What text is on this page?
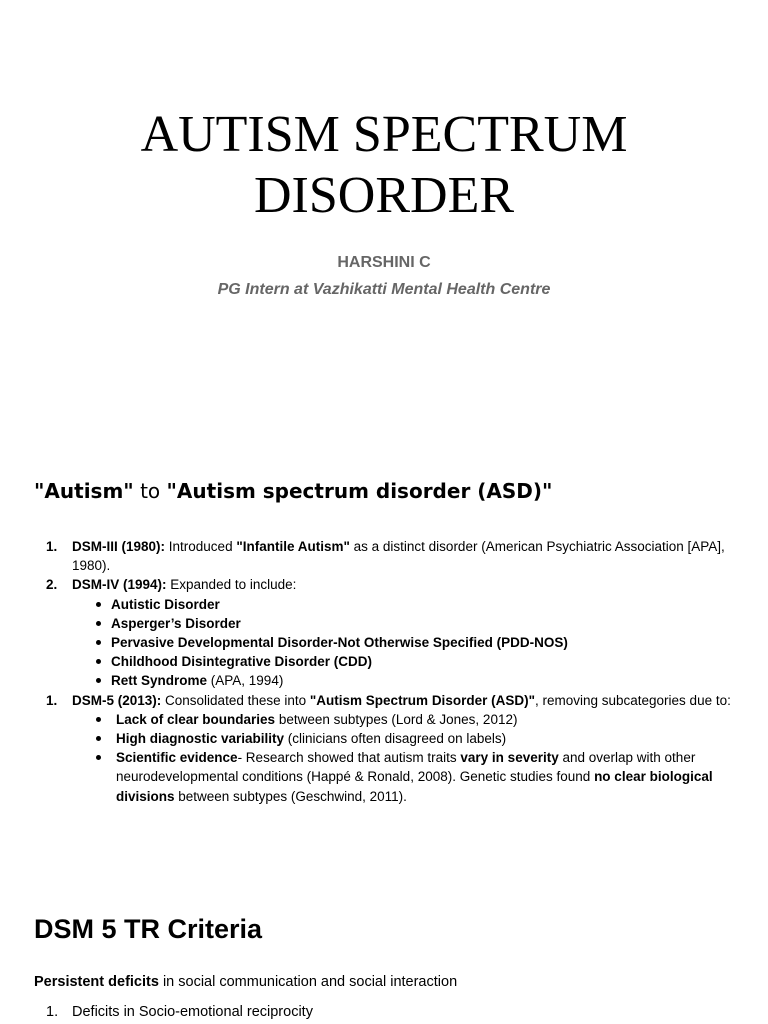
AUTISM SPECTRUM
DISORDER
HARSHINI C
PG Intern at Vazhikatti Mental Health Centre
"Autism" to "Autism spectrum disorder (ASD)"
1. DSM-III (1980): Introduced "Infantile Autism" as a distinct disorder (American Psychiatric Association [APA], 1980).
2. DSM-IV (1994): Expanded to include:
Autistic Disorder
Asperger’s Disorder
Pervasive Developmental Disorder-Not Otherwise Specified (PDD-NOS)
Childhood Disintegrative Disorder (CDD)
Rett Syndrome (APA, 1994)
1. DSM-5 (2013): Consolidated these into "Autism Spectrum Disorder (ASD)", removing subcategories due to:
Lack of clear boundaries between subtypes (Lord & Jones, 2012)
High diagnostic variability (clinicians often disagreed on labels)
Scientific evidence- Research showed that autism traits vary in severity and overlap with other neurodevelopmental conditions (Happé & Ronald, 2008). Genetic studies found no clear biological divisions between subtypes (Geschwind, 2011).
DSM 5 TR Criteria
Persistent deficits in social communication and social interaction
1. Deficits in Socio-emotional reciprocity
